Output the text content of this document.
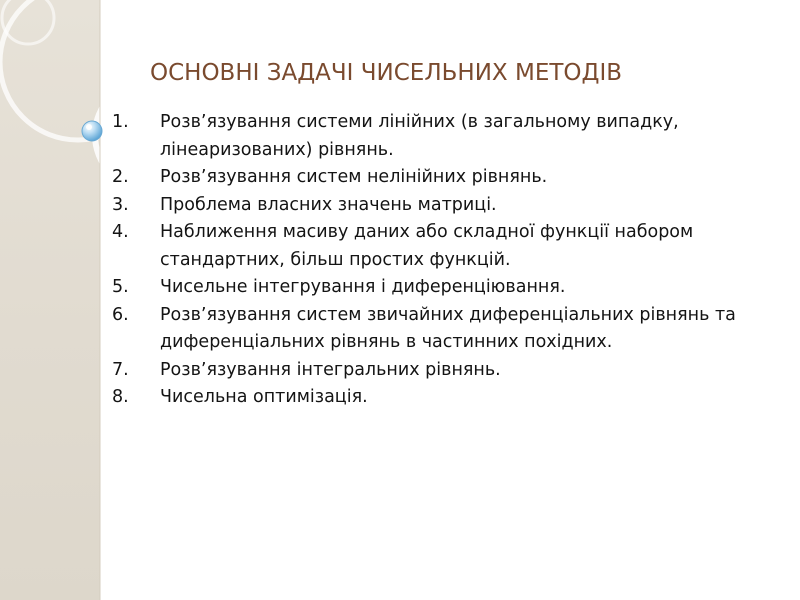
ОСНОВНІ ЗАДАЧІ ЧИСЕЛЬНИХ МЕТОДІВ
1.	Розв’язування системи лінійних (в загальному випадку, лінеаризованих) рівнянь.
2.	Розв’язування систем нелінійних рівнянь.
3.	Проблема власних значень матриці.
4.	Наближення масиву даних або складної функції набором стандартних, більш простих функцій.
5.	Чисельне інтегрування і диференціювання.
6.	Розв’язування систем звичайних диференціальних рівнянь та диференціальних рівнянь в частинних похідних.
7.	Розв’язування інтегральних рівнянь.
8.	Чисельна оптимізація.
